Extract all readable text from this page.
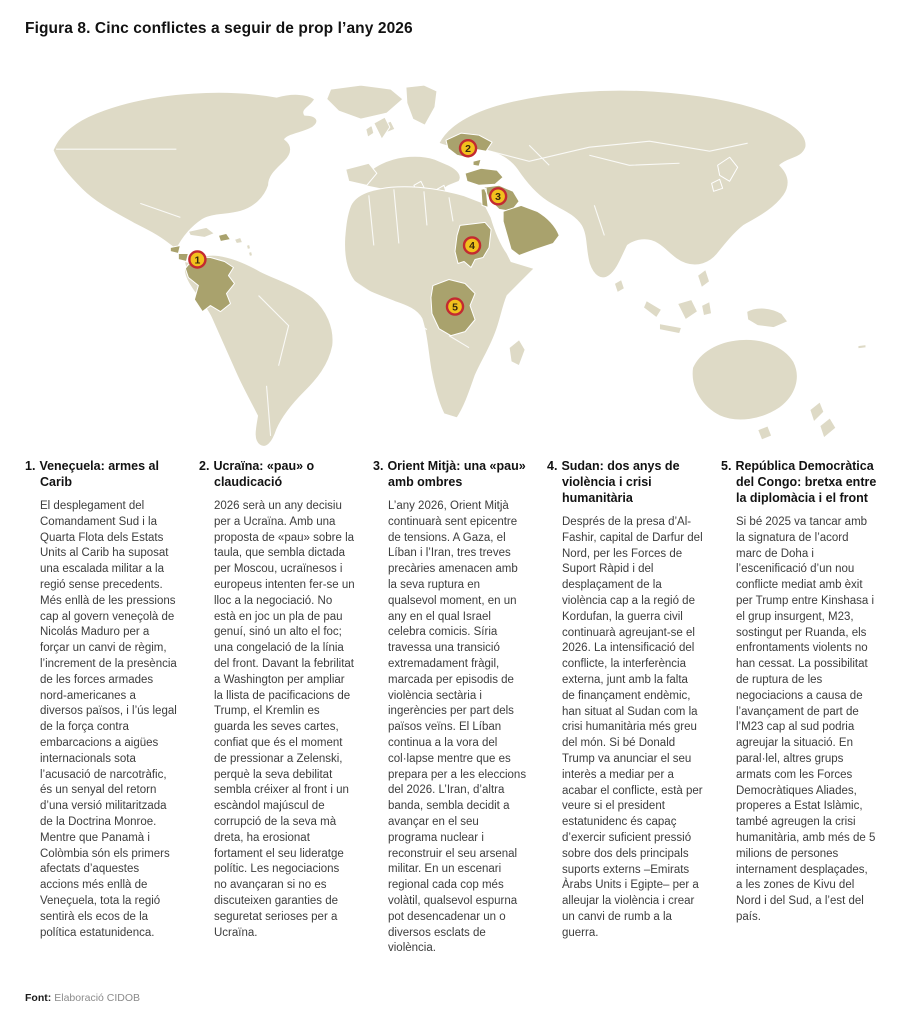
Figura 8. Cinc conflictes a seguir de prop l’any 2026
1
2
3
4
5
1. Veneçuela: armes al Carib

El desplegament del Comandament Sud i la Quarta Flota dels Estats Units al Carib ha suposat una escalada militar a la regió sense precedents. Més enllà de les pressions cap al govern veneçolà de Nicolás Maduro per a forçar un canvi de règim, l’increment de la presència de les forces armades nord-americanes a diversos països, i l’ús legal de la força contra embarcacions a aigües internacionals sota l’acusació de narcotràfic, és un senyal del retorn d’una versió militaritzada de la Doctrina Monroe. Mentre que Panamà i Colòmbia són els primers afectats d’aquestes accions més enllà de Veneçuela, tota la regió sentirà els ecos de la política estatunidenca.

2. Ucraïna: «pau» o claudicació

2026 serà un any decisiu per a Ucraïna. Amb una proposta de «pau» sobre la taula, que sembla dictada per Moscou, ucraïnesos i europeus intenten fer-se un lloc a la negociació. No està en joc un pla de pau genuí, sinó un alto el foc; una congelació de la línia del front. Davant la febrilitat a Washington per ampliar la llista de pacificacions de Trump, el Kremlin es guarda les seves cartes, confiat que és el moment de pressionar a Zelenski, perquè la seva debilitat sembla créixer al front i un escàndol majúscul de corrupció de la seva mà dreta, ha erosionat fortament el seu lideratge polític. Les negociacions no avançaran si no es discuteixen garanties de seguretat serioses per a Ucraïna.

3. Orient Mitjà: una «pau» amb ombres

L’any 2026, Orient Mitjà continuarà sent epicentre de tensions. A Gaza, el Líban i l’Iran, tres treves precàries amenacen amb la seva ruptura en qualsevol moment, en un any en el qual Israel celebra comicis. Síria travessa una transició extremadament fràgil, marcada per episodis de violència sectària i ingerències per part dels països veïns. El Líban continua a la vora del col·lapse mentre que es prepara per a les eleccions del 2026. L’Iran, d’altra banda, sembla decidit a avançar en el seu programa nuclear i reconstruir el seu arsenal militar. En un escenari regional cada cop més volàtil, qualsevol espurna pot desencadenar un o diversos esclats de violència.

4. Sudan: dos anys de violència i crisi humanitària

Després de la presa d’Al-Fashir, capital de Darfur del Nord, per les Forces de Suport Ràpid i del desplaçament de la violència cap a la regió de Kordufan, la guerra civil continuarà agreujant-se el 2026. La intensificació del conflicte, la interferència externa, junt amb la falta de finançament endèmic, han situat al Sudan com la crisi humanitària més greu del món. Si bé Donald Trump va anunciar el seu interès a mediar per a acabar el conflicte, està per veure si el president estatunidenc és capaç d’exercir suficient pressió sobre dos dels principals suports externs –Emirats Àrabs Units i Egipte– per a alleujar la violència i crear un canvi de rumb a la guerra.

5. República Democràtica del Congo: bretxa entre la diplomàcia i el front

Si bé 2025 va tancar amb la signatura de l’acord marc de Doha i l’escenificació d’un nou conflicte mediat amb èxit per Trump entre Kinshasa i el grup insurgent, M23, sostingut per Ruanda, els enfrontaments violents no han cessat. La possibilitat de ruptura de les negociacions a causa de l’avançament de part de l’M23 cap al sud podria agreujar la situació. En paral·lel, altres grups armats com les Forces Democràtiques Aliades, properes a Estat Islàmic, també agreugen la crisi humanitària, amb més de 5 milions de persones internament desplaçades, a les zones de Kivu del Nord i del Sud, a l’est del país.

Font: Elaboració CIDOB
